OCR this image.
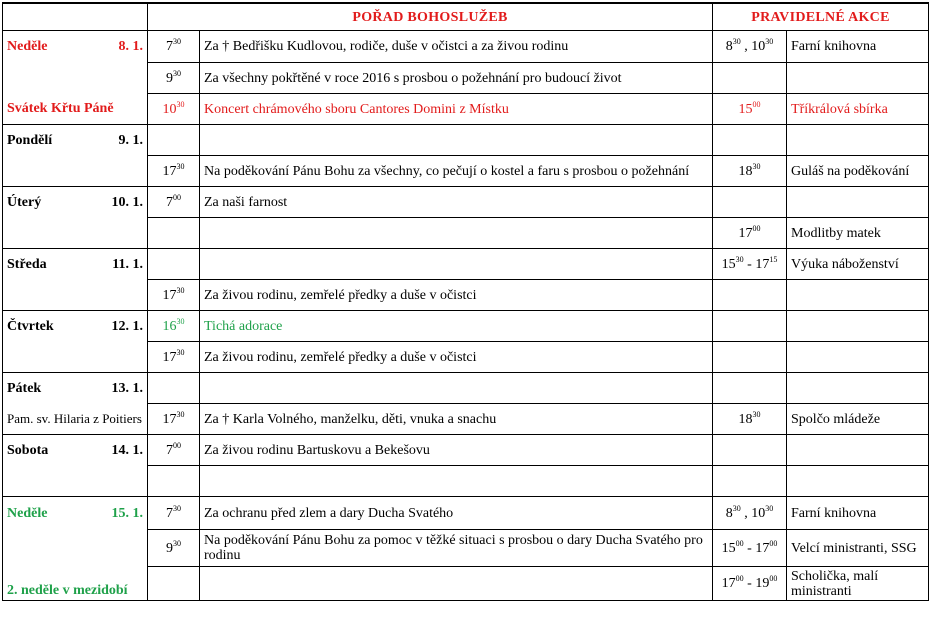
	POŘAD BOHOSLUŽEB		PRAVIDELNÉ AKCE	

Neděle 8. 1.	$7^{30}$	Za † Bedřišku Kudlovou, rodiče, duše v očistci a za živou rodinu	$8^{30}$ , $10^{30}$	Farní knihovna
	$9^{30}$	Za všechny pokřtěné v roce 2016 s prosbou o požehnání pro budoucí život		
Svátek Křtu Páně	$10^{30}$	Koncert chrámového sboru Cantores Domini z Místku	$15^{00}$	Tříkrálová sbírka

Pondělí 9. 1.				

	$17^{30}$	Na poděkování Pánu Bohu za všechny, co pečují o kostel a faru s prosbou o požehnání	$18^{30}$	Guláš na poděkování

Úterý 10. 1.	$7^{00}$	Za naši farnost		
			$17^{00}$	Modlitby matek

Středa 11. 1.			$15^{30} - 17^{15}$	Výuka náboženství
	$17^{30}$	Za živou rodinu, zemřelé předky a duše v očistci		

Čtvrtek 12. 1.	$16^{30}$	Tichá adorace		
	$17^{30}$	Za živou rodinu, zemřelé předky a duše v očistci		

Pátek 13. 1.				

Pam. sv. Hilaria z Poitiers	$17^{30}$	Za † Karla Volného, manželku, děti, vnuka a snachu	$18^{30}$	Spolčo mládeže

Sobota 14. 1.	$7^{00}$	Za živou rodinu Bartuskovu a Bekešovu		

Neděle 15. 1.	$7^{30}$	Za ochranu před zlem a dary Ducha Svatého	$8^{30}$ , $10^{30}$	Farní knihovna
	$9^{30}$	Na poděkování Pánu Bohu za pomoc v těžké situaci s prosbou o dary Ducha Svatého pro rodinu	$15^{00} - 17^{00}$	Velcí ministranti, SSG
2. neděle v mezidobí			$17^{00} - 19^{00}$	Scholička, malí ministranti
